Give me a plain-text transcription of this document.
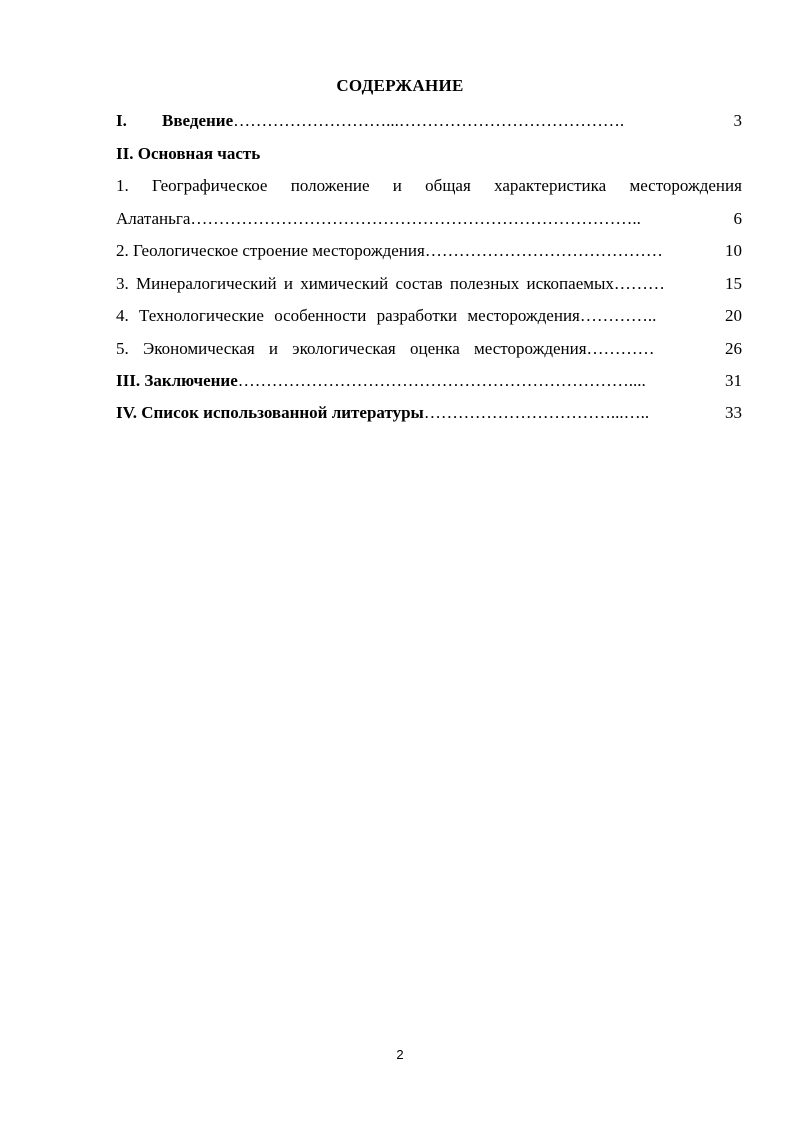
СОДЕРЖАНИЕ
I.	Введение ………………………...………………………………….	3
II. Основная часть
1. Географическое положение и общая характеристика месторождения
Алатаньга ……………………………………………………………………..	6
2. Геологическое строение месторождения ……………………………………	10
3. Минералогический и химический состав полезных ископаемых ………	15
4. Технологические особенности разработки месторождения …………..	20
5. Экономическая и экологическая оценка месторождения …………	26
III. Заключение ……………………………………………………………....	31
IV. Список использованной литературы ……………………………...…..	33
2
